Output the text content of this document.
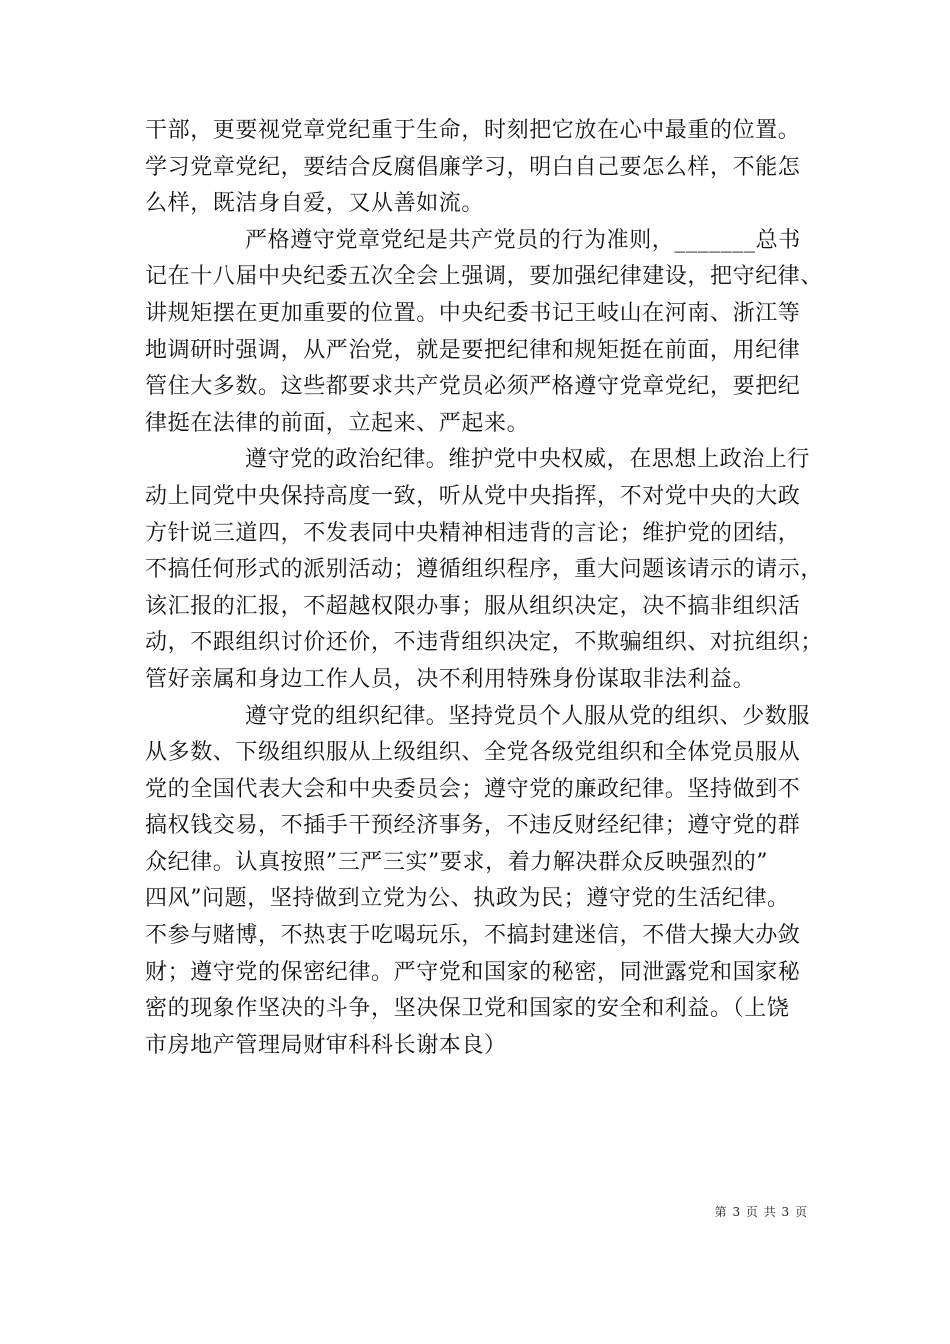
干部，更要视党章党纪重于生命，时刻把它放在心中最重的位置。
学习党章党纪，要结合反腐倡廉学习，明白自己要怎么样，不能怎
么样，既洁身自爱，又从善如流。
严格遵守党章党纪是共产党员的行为准则，_______总书
记在十八届中央纪委五次全会上强调，要加强纪律建设，把守纪律、
讲规矩摆在更加重要的位置。中央纪委书记王岐山在河南、浙江等
地调研时强调，从严治党，就是要把纪律和规矩挺在前面，用纪律
管住大多数。这些都要求共产党员必须严格遵守党章党纪，要把纪
律挺在法律的前面，立起来、严起来。
遵守党的政治纪律。维护党中央权威，在思想上政治上行
动上同党中央保持高度一致，听从党中央指挥，不对党中央的大政
方针说三道四，不发表同中央精神相违背的言论；维护党的团结，
不搞任何形式的派别活动；遵循组织程序，重大问题该请示的请示，
该汇报的汇报，不超越权限办事；服从组织决定，决不搞非组织活
动，不跟组织讨价还价，不违背组织决定，不欺骗组织、对抗组织；
管好亲属和身边工作人员，决不利用特殊身份谋取非法利益。
遵守党的组织纪律。坚持党员个人服从党的组织、少数服
从多数、下级组织服从上级组织、全党各级党组织和全体党员服从
党的全国代表大会和中央委员会；遵守党的廉政纪律。坚持做到不
搞权钱交易，不插手干预经济事务，不违反财经纪律；遵守党的群
众纪律。认真按照”三严三实”要求，着力解决群众反映强烈的”
四风”问题，坚持做到立党为公、执政为民；遵守党的生活纪律。
不参与赌博，不热衷于吃喝玩乐，不搞封建迷信，不借大操大办敛
财；遵守党的保密纪律。严守党和国家的秘密，同泄露党和国家秘
密的现象作坚决的斗争，坚决保卫党和国家的安全和利益。（上饶
市房地产管理局财审科科长谢本良）
第 3 页 共 3 页
